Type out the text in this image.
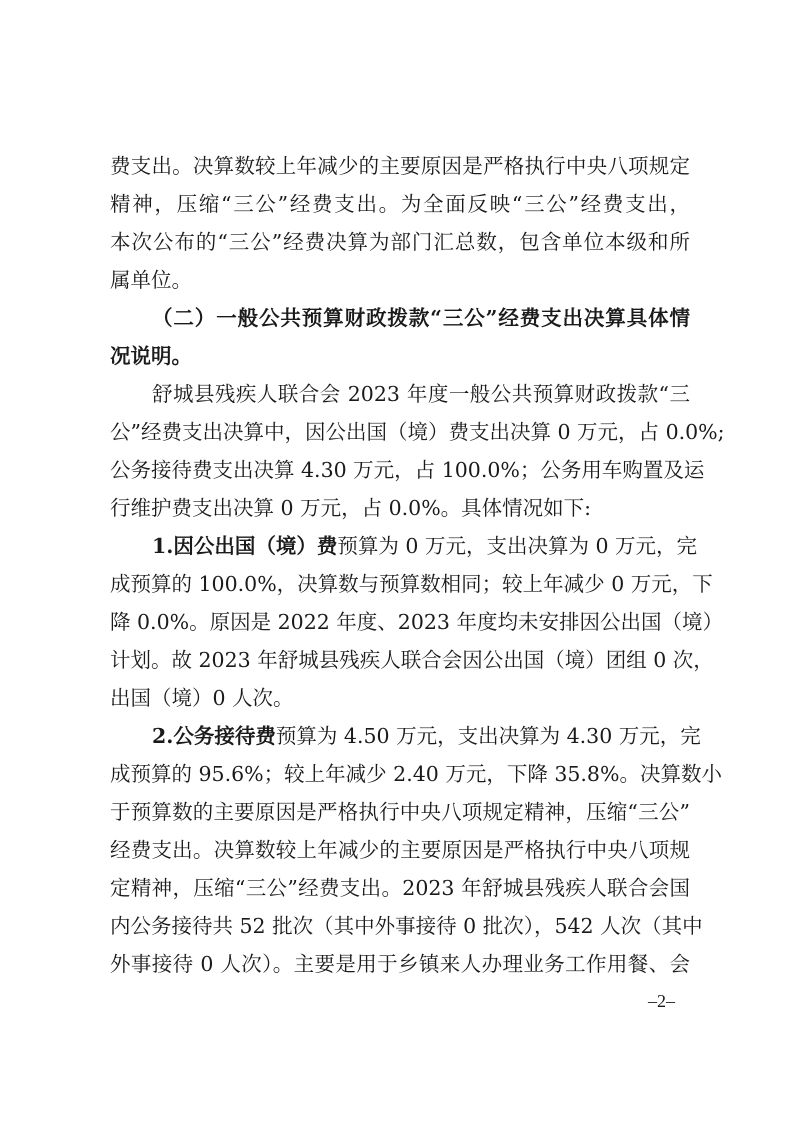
费支出。决算数较上年减少的主要原因是严格执行中央八项规定
精神，压缩“三公”经费支出。为全面反映“三公”经费支出，
本次公布的“三公”经费决算为部门汇总数，包含单位本级和所
属单位。
（二）一般公共预算财政拨款“三公”经费支出决算具体情
况说明。
舒城县残疾人联合会 2023 年度一般公共预算财政拨款“三
公”经费支出决算中，因公出国（境）费支出决算 0 万元，占 0.0%;
公务接待费支出决算 4.30 万元，占 100.0%；公务用车购置及运
行维护费支出决算 0 万元，占 0.0%。具体情况如下:
1.因公出国（境）费预算为 0 万元，支出决算为 0 万元，完
成预算的 100.0%，决算数与预算数相同；较上年减少 0 万元，下
降 0.0%。原因是 2022 年度、2023 年度均未安排因公出国（境）
计划。故 2023 年舒城县残疾人联合会因公出国（境）团组 0 次，
出国（境）0 人次。
2.公务接待费预算为 4.50 万元，支出决算为 4.30 万元，完
成预算的 95.6%；较上年减少 2.40 万元，下降 35.8%。决算数小
于预算数的主要原因是严格执行中央八项规定精神，压缩“三公”
经费支出。决算数较上年减少的主要原因是严格执行中央八项规
定精神，压缩“三公”经费支出。2023 年舒城县残疾人联合会国
内公务接待共 52 批次（其中外事接待 0 批次），542 人次（其中
外事接待 0 人次）。主要是用于乡镇来人办理业务工作用餐、会
–2–
